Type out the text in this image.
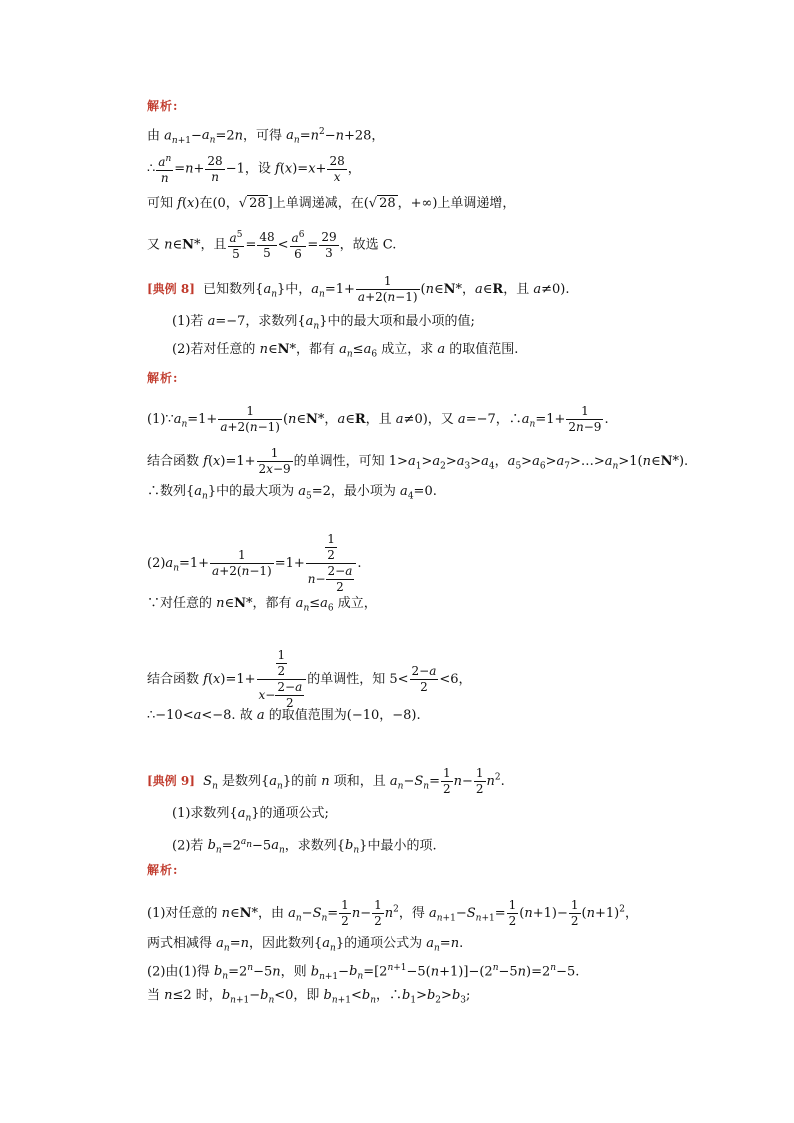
解析:
由 $a_{n+1}-a_n=2n$，可得 $a_n=n^2-n+28$，
∴ $\frac{a^n}{n} =n+ \frac{28}{n} -1$，设 $f(x)=x+ \frac{28}{x}$ ，
可知 f(x)在(0，√ 28 ]上单调递减，在(√ 28 ，+∞)上单调递增，
又 n∈N*，且 $\frac{a^5}{5} = \frac{48}{5} < \frac{a^6}{6} = \frac{29}{3}$ ，故选 C.
[典例 8]  已知数列$\{a_n\}$中，$a_n=1+ \frac{1}{a+2(n-1)}$ (n∈N*，a∈R，且 a≠0).
(1)若 a=−7，求数列$\{a_n\}$中的最大项和最小项的值;
(2)若对任意的 n∈N*，都有 $a_n\le a_6$ 成立，求 a 的取值范围.
解析:
$(1)\because a_n=1+ \frac{1}{a+2(n-1)}$ (n∈N*，a∈R，且 a≠0)，又 a=−7，$\therefore a_n=1+ \frac{1}{2n-9}$ .
结合函数 $f(x)=1+ \frac{1}{2x-9}$ 的单调性，可知 $1>a_1>a_2>a_3>a_4$，$a_5>a_6>a_7>\dots>a_n>1(n\in N*)$.
∴数列$\{a_n\}$中的最大项为 $a_5=2$，最小项为 $a_4=0$.
$(2)a_n=1+ \frac{1}{a+2(n-1)} =1+ \frac{\frac{1}{2}}{n- \frac{2-a}{2}}$ .
∵对任意的 n∈N*，都有 $a_n\le a_6$ 成立，
结合函数 $f(x)=1+ \frac{\frac{1}{2}}{x- \frac{2-a}{2}}$ 的单调性，知 $5< \frac{2-a}{2} <6$，
∴−10<a<−8. 故 a 的取值范围为(−10，−8).
[典例 9] $S_n$ 是数列$\{a_n\}$的前 n 项和，且 $a_n-S_n= \frac{1}{2} n- \frac{1}{2} n^2$.
(1)求数列$\{a_n\}$的通项公式;
(2)若 $b_n=2^{a_n}-5a_n$，求数列$\{b_n\}$中最小的项.
解析:
(1)对任意的 n∈N*，由 $a_n-S_n= \frac{1}{2} n- \frac{1}{2} n^2$，得 $a_{n+1}-S_{n+1}= \frac{1}{2} (n+1)- \frac{1}{2} (n+1)^2$，
两式相减得 $a_n=n$，因此数列$\{a_n\}$的通项公式为 $a_n=n$.
(2)由(1)得 $b_n=2^n-5n$，则 $b_{n+1}-b_n=[2^{n+1}-5(n+1)]-(2^n-5n)=2^n-5$.
当 n≤2 时，$b_{n+1}-b_n<0$，即 $b_{n+1}<b_n$，$\therefore b_1>b_2>b_3$;
